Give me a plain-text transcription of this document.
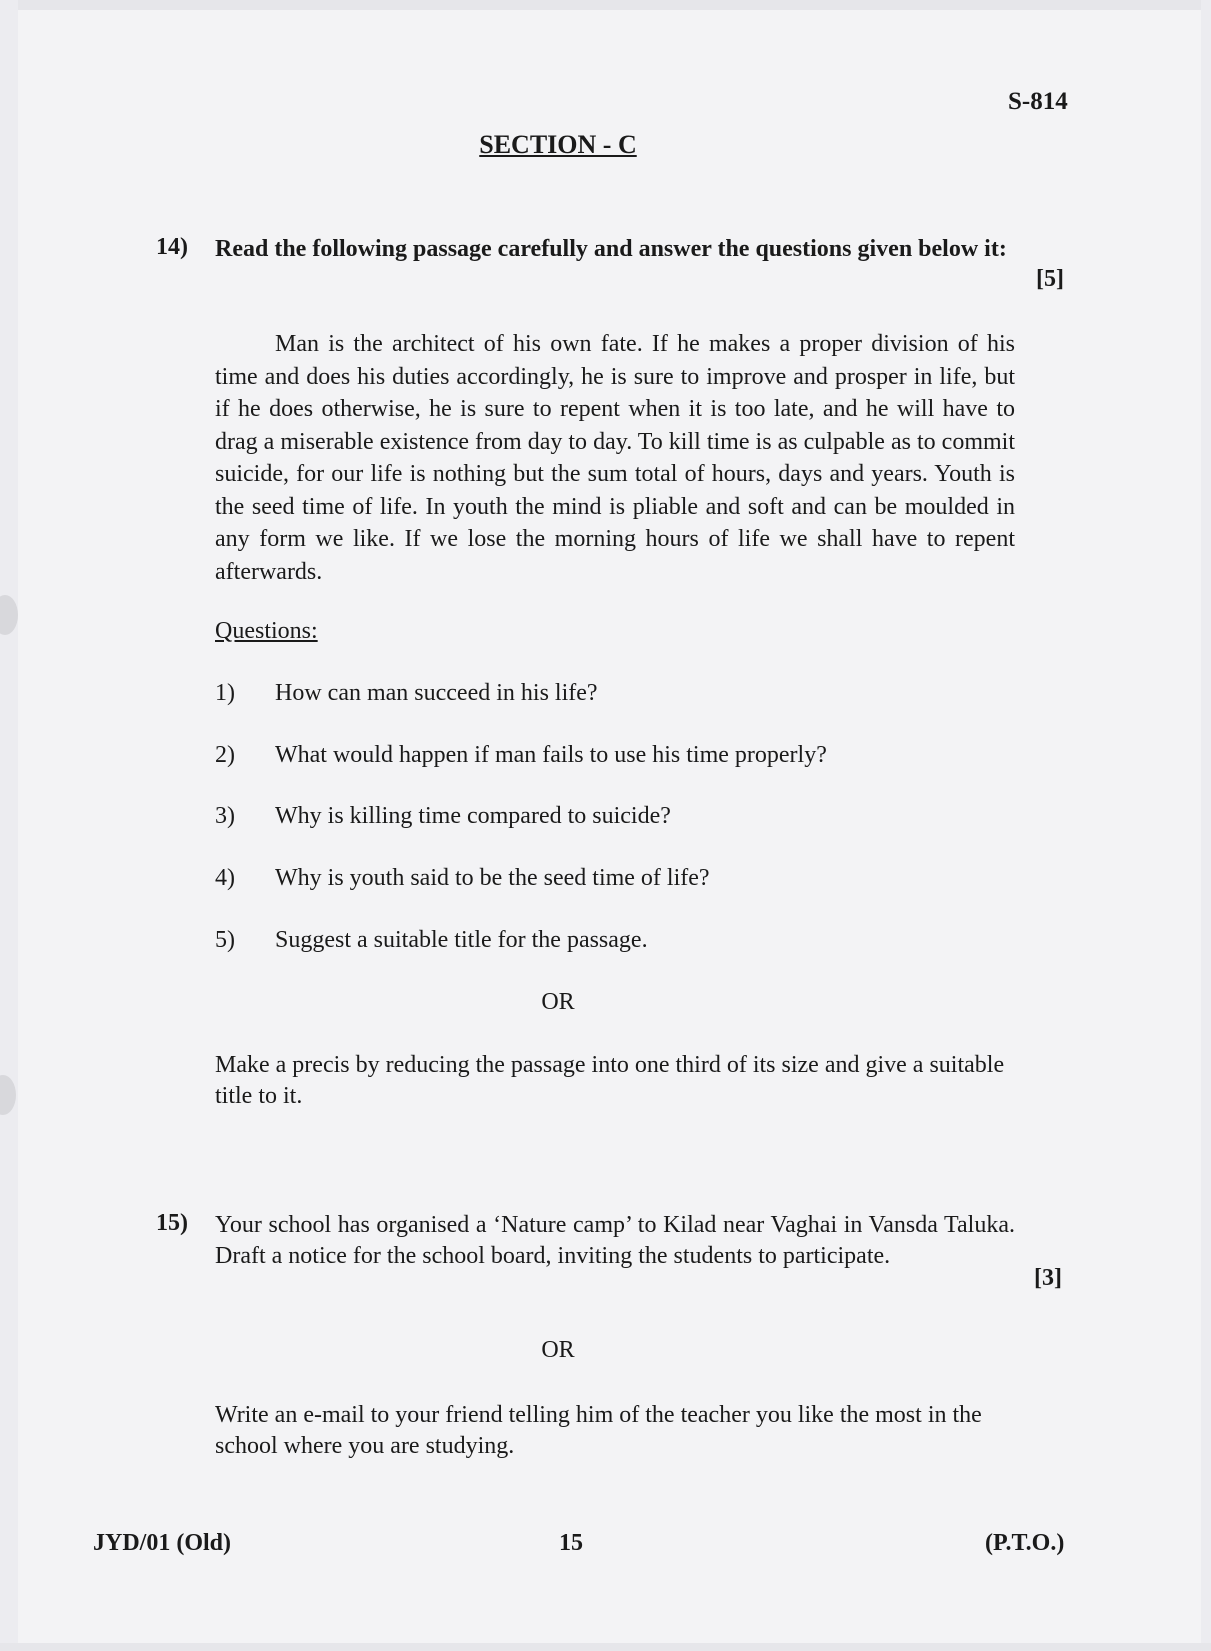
S-814
SECTION - C
14) Read the following passage carefully and answer the questions given below it:
[5]
Man is the architect of his own fate. If he makes a proper division of his time and does his duties accordingly, he is sure to improve and prosper in life, but if he does otherwise, he is sure to repent when it is too late, and he will have to drag a miserable existence from day to day. To kill time is as culpable as to commit suicide, for our life is nothing but the sum total of hours, days and years. Youth is the seed time of life. In youth the mind is pliable and soft and can be moulded in any form we like. If we lose the morning hours of life we shall have to repent afterwards.
Questions:
1) How can man succeed in his life?
2) What would happen if man fails to use his time properly?
3) Why is killing time compared to suicide?
4) Why is youth said to be the seed time of life?
5) Suggest a suitable title for the passage.
OR
Make a precis by reducing the passage into one third of its size and give a suitable title to it.
15) Your school has organised a ‘Nature camp’ to Kilad near Vaghai in Vansda Taluka. Draft a notice for the school board, inviting the students to participate.
[3]
OR
Write an e-mail to your friend telling him of the teacher you like the most in the school where you are studying.
JYD/01 (Old)	15	(P.T.O.)
